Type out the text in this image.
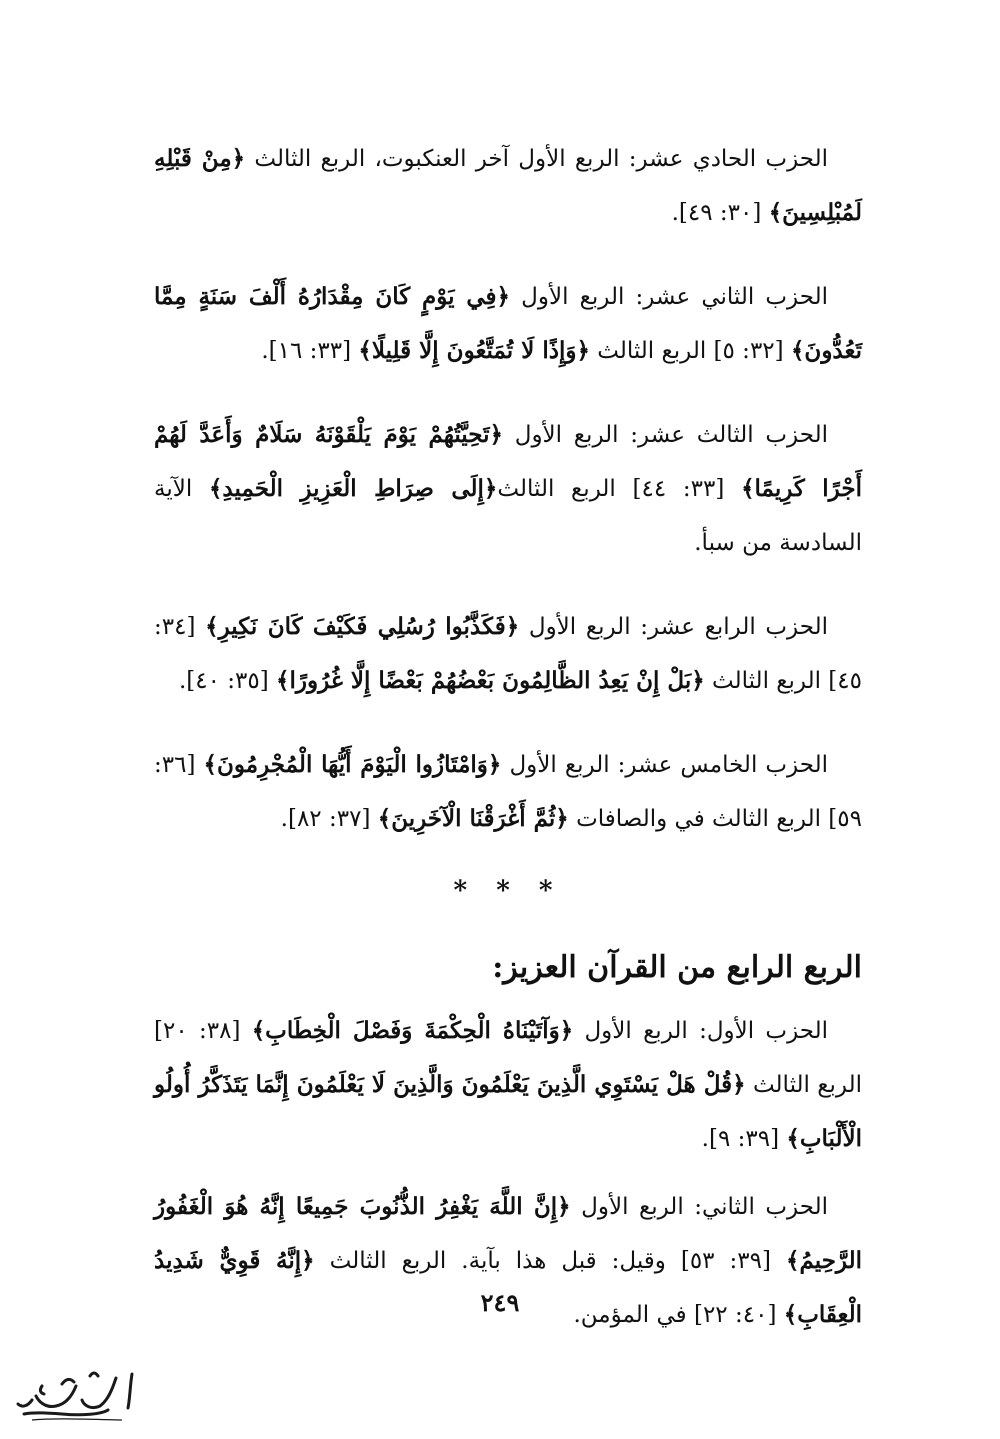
الحزب الحادي عشر: الربع الأول آخر العنكبوت، الربع الثالث ﴿مِنْ قَبْلِهِ لَمُبْلِسِينَ﴾ [٣٠: ٤٩].

الحزب الثاني عشر: الربع الأول ﴿فِي يَوْمٍ كَانَ مِقْدَارُهُ أَلْفَ سَنَةٍ مِمَّا تَعُدُّونَ﴾ [٣٢: ٥] الربع الثالث ﴿وَإِذًا لَا تُمَتَّعُونَ إِلَّا قَلِيلًا﴾ [٣٣: ١٦].

الحزب الثالث عشر: الربع الأول ﴿تَحِيَّتُهُمْ يَوْمَ يَلْقَوْنَهُ سَلَامٌ وَأَعَدَّ لَهُمْ أَجْرًا كَرِيمًا﴾ [٣٣: ٤٤] الربع الثالث﴿إِلَى صِرَاطِ الْعَزِيزِ الْحَمِيدِ﴾ الآية السادسة من سبأ.

الحزب الرابع عشر: الربع الأول ﴿فَكَذَّبُوا رُسُلِي فَكَيْفَ كَانَ نَكِيرِ﴾ [٣٤: ٤٥] الربع الثالث ﴿بَلْ إِنْ يَعِدُ الظَّالِمُونَ بَعْضُهُمْ بَعْضًا إِلَّا غُرُورًا﴾ [٣٥: ٤٠].

الحزب الخامس عشر: الربع الأول ﴿وَامْتَازُوا الْيَوْمَ أَيُّهَا الْمُجْرِمُونَ﴾ [٣٦: ٥٩] الربع الثالث في والصافات ﴿ثُمَّ أَغْرَقْنَا الْآخَرِينَ﴾ [٣٧: ٨٢].

* * *
الربع الرابع من القرآن العزيز:

الحزب الأول: الربع الأول ﴿وَآتَيْنَاهُ الْحِكْمَةَ وَفَصْلَ الْخِطَابِ﴾ [٣٨: ٢٠] الربع الثالث ﴿قُلْ هَلْ يَسْتَوِي الَّذِينَ يَعْلَمُونَ وَالَّذِينَ لَا يَعْلَمُونَ إِنَّمَا يَتَذَكَّرُ أُولُو الْأَلْبَابِ﴾ [٣٩: ٩].

الحزب الثاني: الربع الأول ﴿إِنَّ اللَّهَ يَغْفِرُ الذُّنُوبَ جَمِيعًا إِنَّهُ هُوَ الْغَفُورُ الرَّحِيمُ﴾ [٣٩: ٥٣] وقيل: قبل هذا بآية. الربع الثالث ﴿إِنَّهُ قَوِيٌّ شَدِيدُ الْعِقَابِ﴾ [٤٠: ٢٢] في المؤمن.

٢٤٩
